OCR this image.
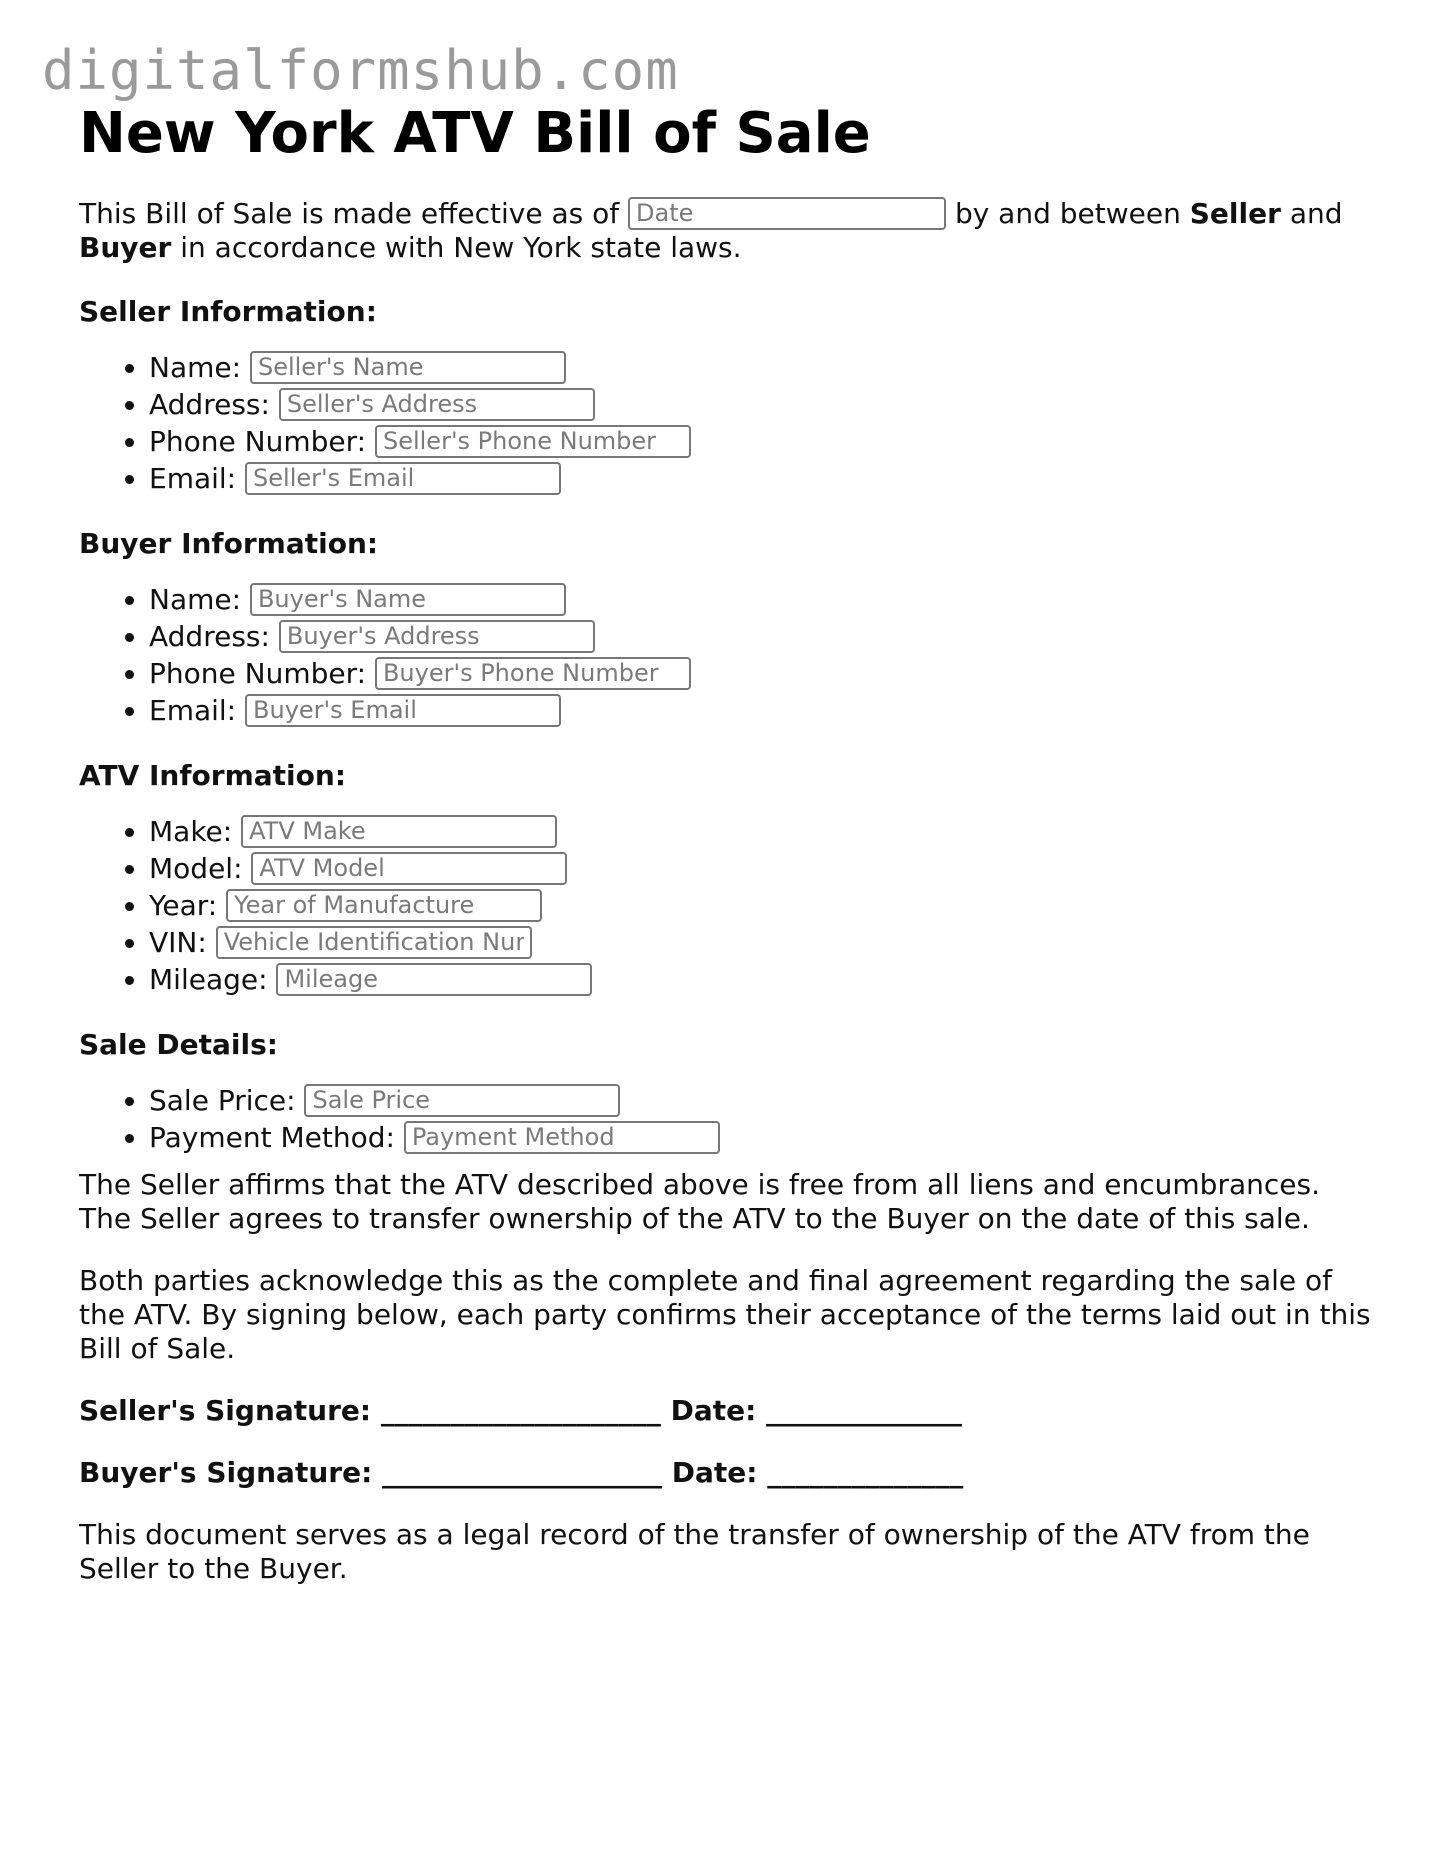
digitalformshub.com
New York ATV Bill of Sale

This Bill of Sale is made effective as of Date	by and between Seller and Buyer in accordance with New York state laws.

Seller Information:
• Name: Seller's Name
• Address: Seller's Address
• Phone Number: Seller's Phone Number
• Email: Seller's Email
Buyer Information:
• Name: Buyer's Name
• Address: Buyer's Address
• Phone Number: Buyer's Phone Number
• Email: Buyer's Email
ATV Information:
• Make: ATV Make
• Model: ATV Model
• Year: Year of Manufacture
• VIN: Vehicle Identification Num
• Mileage: Mileage
Sale Details:
• Sale Price: Sale Price
• Payment Method: Payment Method

The Seller affirms that the ATV described above is free from all liens and encumbrances. The Seller agrees to transfer ownership of the ATV to the Buyer on the date of this sale.

Both parties acknowledge this as the complete and final agreement regarding the sale of the ATV. By signing below, each party confirms their acceptance of the terms laid out in this Bill of Sale.

Seller's Signature: ____________________ Date: ______________
Buyer's Signature: ____________________ Date: ______________

This document serves as a legal record of the transfer of ownership of the ATV from the Seller to the Buyer.
